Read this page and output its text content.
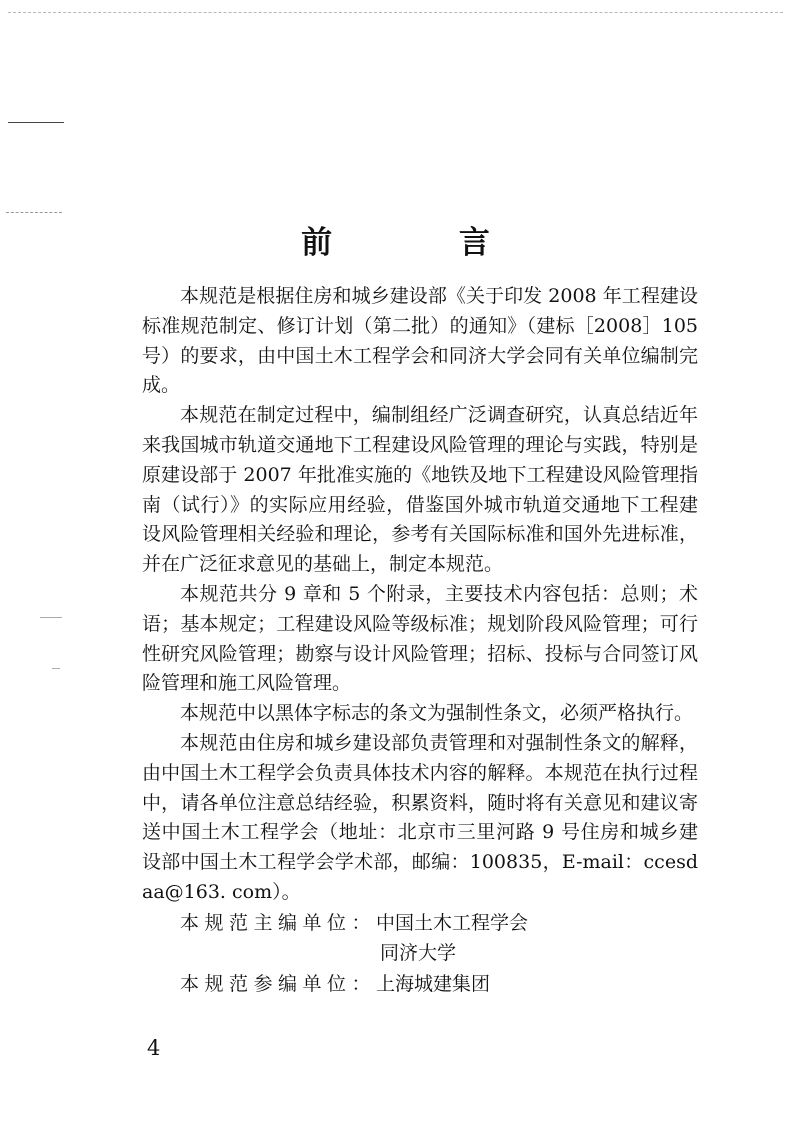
前 言

本规范是根据住房和城乡建设部《关于印发 2008 年工程建设标准规范制定、修订计划（第二批）的通知》（建标［2008］105 号）的要求，由中国土木工程学会和同济大学会同有关单位编制完成。

本规范在制定过程中，编制组经广泛调查研究，认真总结近年来我国城市轨道交通地下工程建设风险管理的理论与实践，特别是原建设部于 2007 年批准实施的《地铁及地下工程建设风险管理指南（试行）》的实际应用经验，借鉴国外城市轨道交通地下工程建设风险管理相关经验和理论，参考有关国际标准和国外先进标准，并在广泛征求意见的基础上，制定本规范。

本规范共分 9 章和 5 个附录，主要技术内容包括：总则；术语；基本规定；工程建设风险等级标准；规划阶段风险管理；可行性研究风险管理；勘察与设计风险管理；招标、投标与合同签订风险管理和施工风险管理。

本规范中以黑体字标志的条文为强制性条文，必须严格执行。

本规范由住房和城乡建设部负责管理和对强制性条文的解释，由中国土木工程学会负责具体技术内容的解释。本规范在执行过程中，请各单位注意总结经验，积累资料，随时将有关意见和建议寄送中国土木工程学会（地址：北京市三里河路 9 号住房和城乡建设部中国土木工程学会学术部，邮编：100835，E-mail：ccesdaa@163. com）。

本规范主编单位：中国土木工程学会
同济大学
本规范参编单位：上海城建集团
4
